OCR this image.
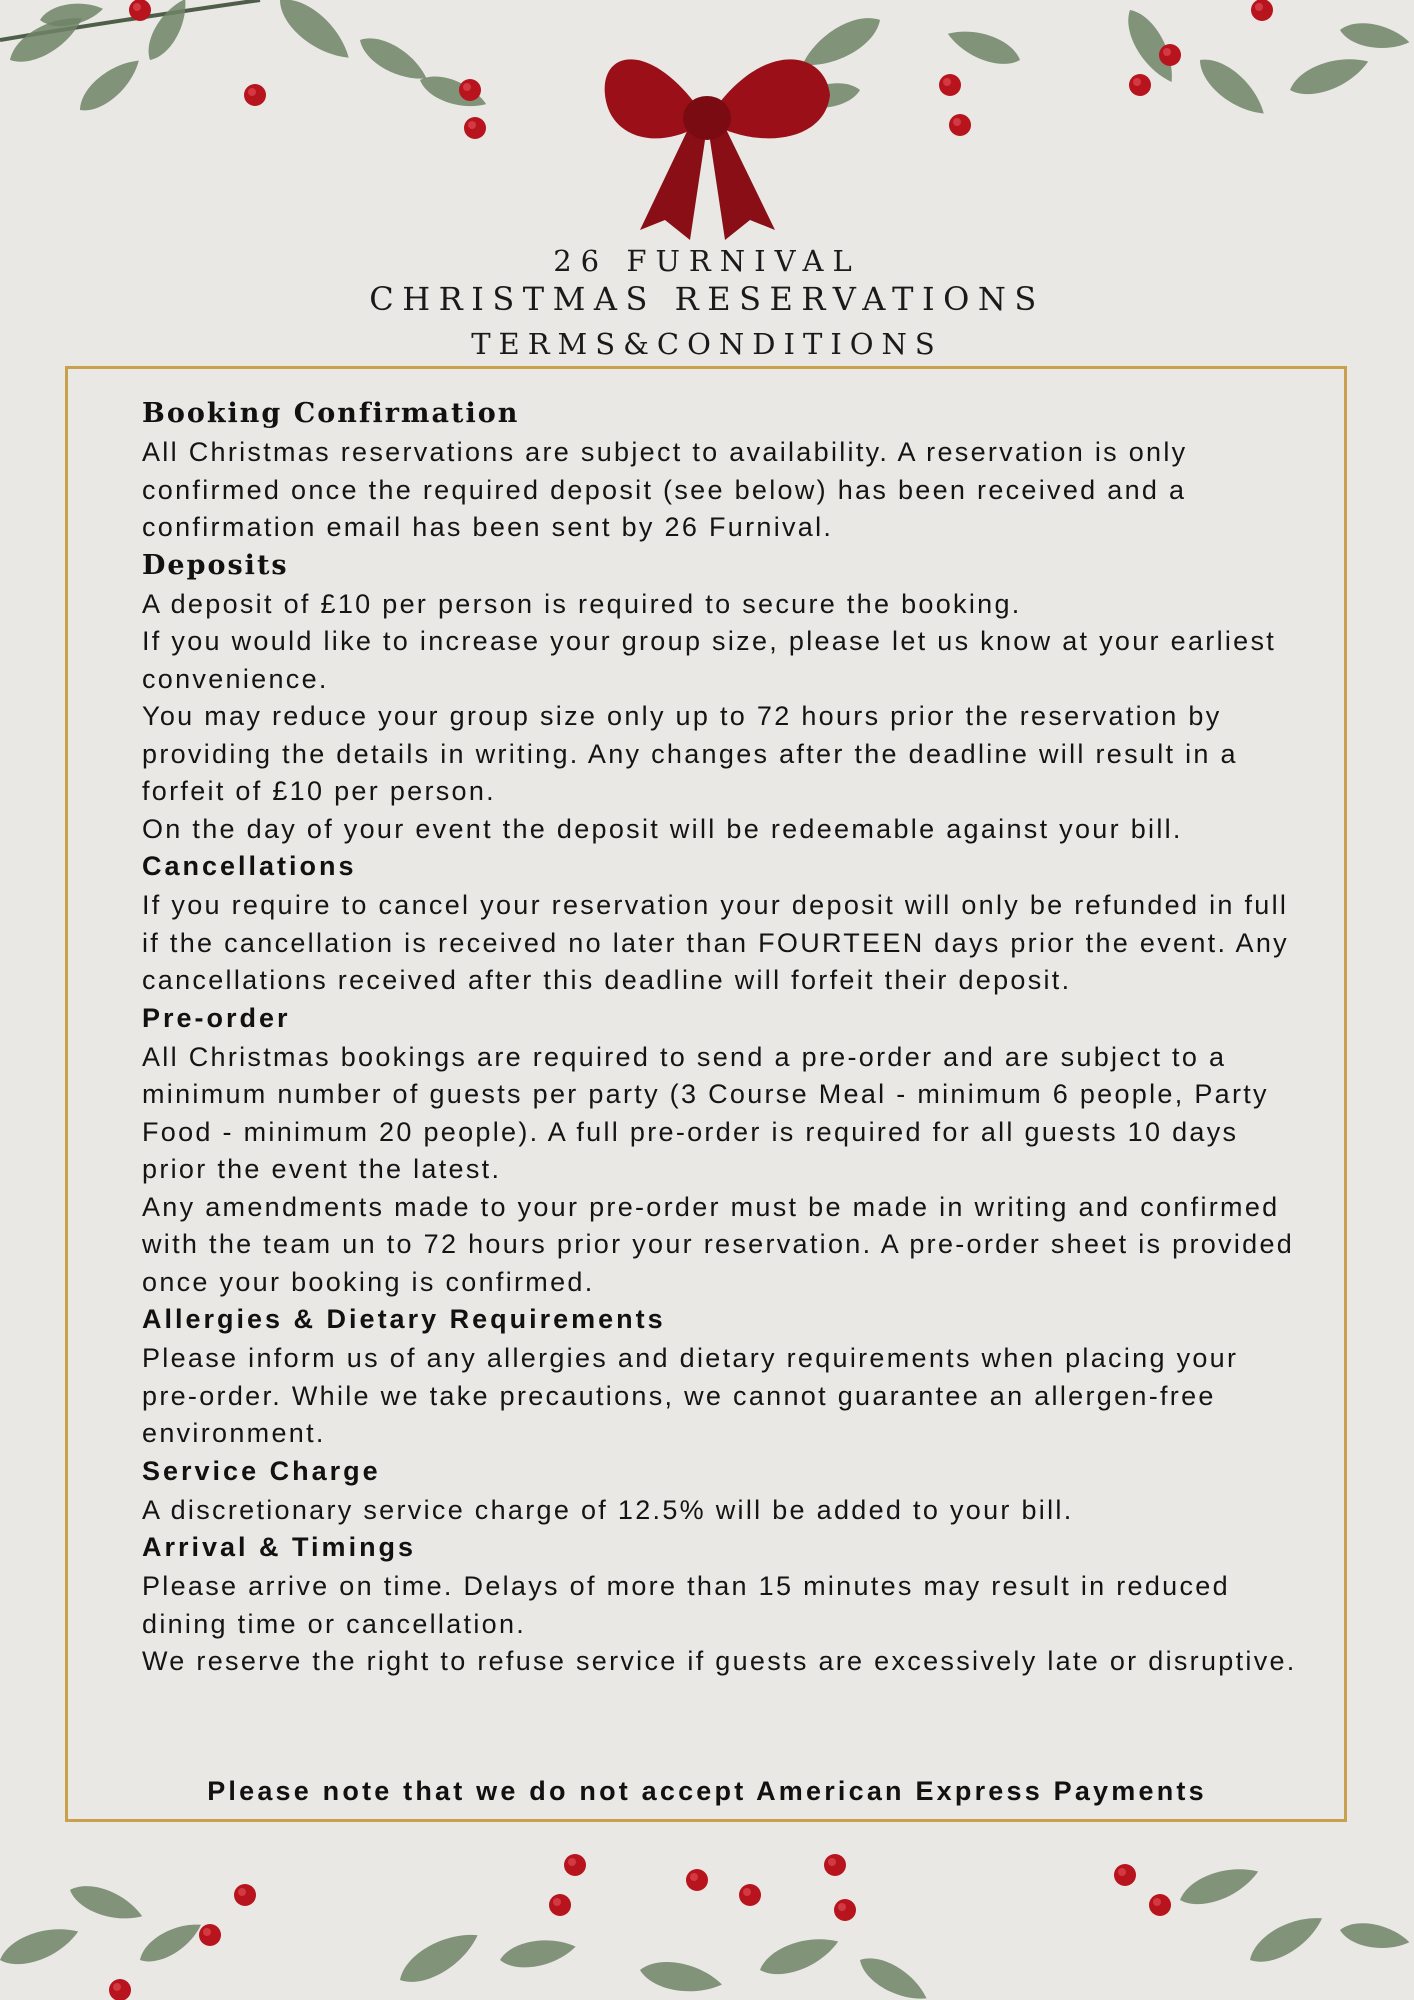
26 FURNIVAL
CHRISTMAS RESERVATIONS
TERMS&CONDITIONS
Booking Confirmation

All Christmas reservations are subject to availability. A reservation is only confirmed once the required deposit (see below) has been received and a confirmation email has been sent by 26 Furnival.

Deposits

A deposit of £10 per person is required to secure the booking.

If you would like to increase your group size, please let us know at your earliest convenience.

You may reduce your group size only up to 72 hours prior the reservation by providing the details in writing. Any changes after the deadline will result in a forfeit of £10 per person.

On the day of your event the deposit will be redeemable against your bill.

Cancellations

If you require to cancel your reservation your deposit will only be refunded in full if the cancellation is received no later than FOURTEEN days prior the event. Any cancellations received after this deadline will forfeit their deposit.

Pre-order

All Christmas bookings are required to send a pre-order and are subject to a minimum number of guests per party (3 Course Meal - minimum 6 people, Party Food - minimum 20 people). A full pre-order is required for all guests 10 days prior the event the latest.

Any amendments made to your pre-order must be made in writing and confirmed with the team un to 72 hours prior your reservation. A pre-order sheet is provided once your booking is confirmed.

Allergies & Dietary Requirements

Please inform us of any allergies and dietary requirements when placing your pre-order. While we take precautions, we cannot guarantee an allergen-free environment.

Service Charge

A discretionary service charge of 12.5% will be added to your bill.

Arrival & Timings

Please arrive on time. Delays of more than 15 minutes may result in reduced dining time or cancellation.

We reserve the right to refuse service if guests are excessively late or disruptive.

Please note that we do not accept American Express Payments
